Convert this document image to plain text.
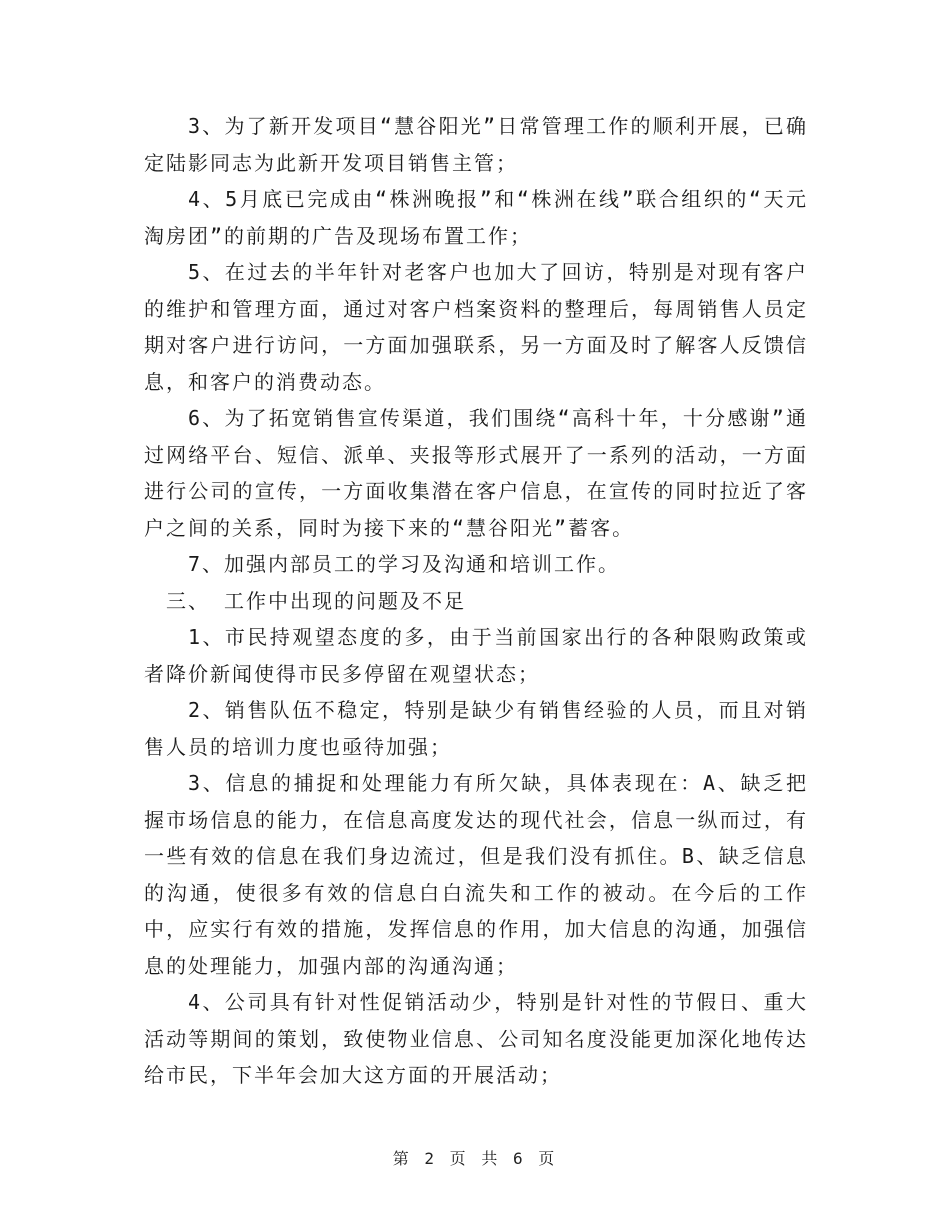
3、为了新开发项目“慧谷阳光”日常管理工作的顺利开展，已确定陆影同志为此新开发项目销售主管；

4、5月底已完成由“株洲晚报”和“株洲在线”联合组织的“天元淘房团”的前期的广告及现场布置工作；

5、在过去的半年针对老客户也加大了回访，特别是对现有客户的维护和管理方面，通过对客户档案资料的整理后，每周销售人员定期对客户进行访问，一方面加强联系，另一方面及时了解客人反馈信息，和客户的消费动态。

6、为了拓宽销售宣传渠道，我们围绕“高科十年，十分感谢”通过网络平台、短信、派单、夹报等形式展开了一系列的活动，一方面进行公司的宣传，一方面收集潜在客户信息，在宣传的同时拉近了客户之间的关系，同时为接下来的“慧谷阳光”蓄客。

7、加强内部员工的学习及沟通和培训工作。

三、 工作中出现的问题及不足

1、市民持观望态度的多，由于当前国家出行的各种限购政策或者降价新闻使得市民多停留在观望状态；

2、销售队伍不稳定，特别是缺少有销售经验的人员，而且对销售人员的培训力度也亟待加强；

3、信息的捕捉和处理能力有所欠缺，具体表现在：A、缺乏把握市场信息的能力，在信息高度发达的现代社会，信息一纵而过，有一些有效的信息在我们身边流过，但是我们没有抓住。B、缺乏信息的沟通，使很多有效的信息白白流失和工作的被动。在今后的工作中，应实行有效的措施，发挥信息的作用，加大信息的沟通，加强信息的处理能力，加强内部的沟通沟通；

4、公司具有针对性促销活动少，特别是针对性的节假日、重大活动等期间的策划，致使物业信息、公司知名度没能更加深化地传达给市民，下半年会加大这方面的开展活动；

第 2 页 共 6 页
